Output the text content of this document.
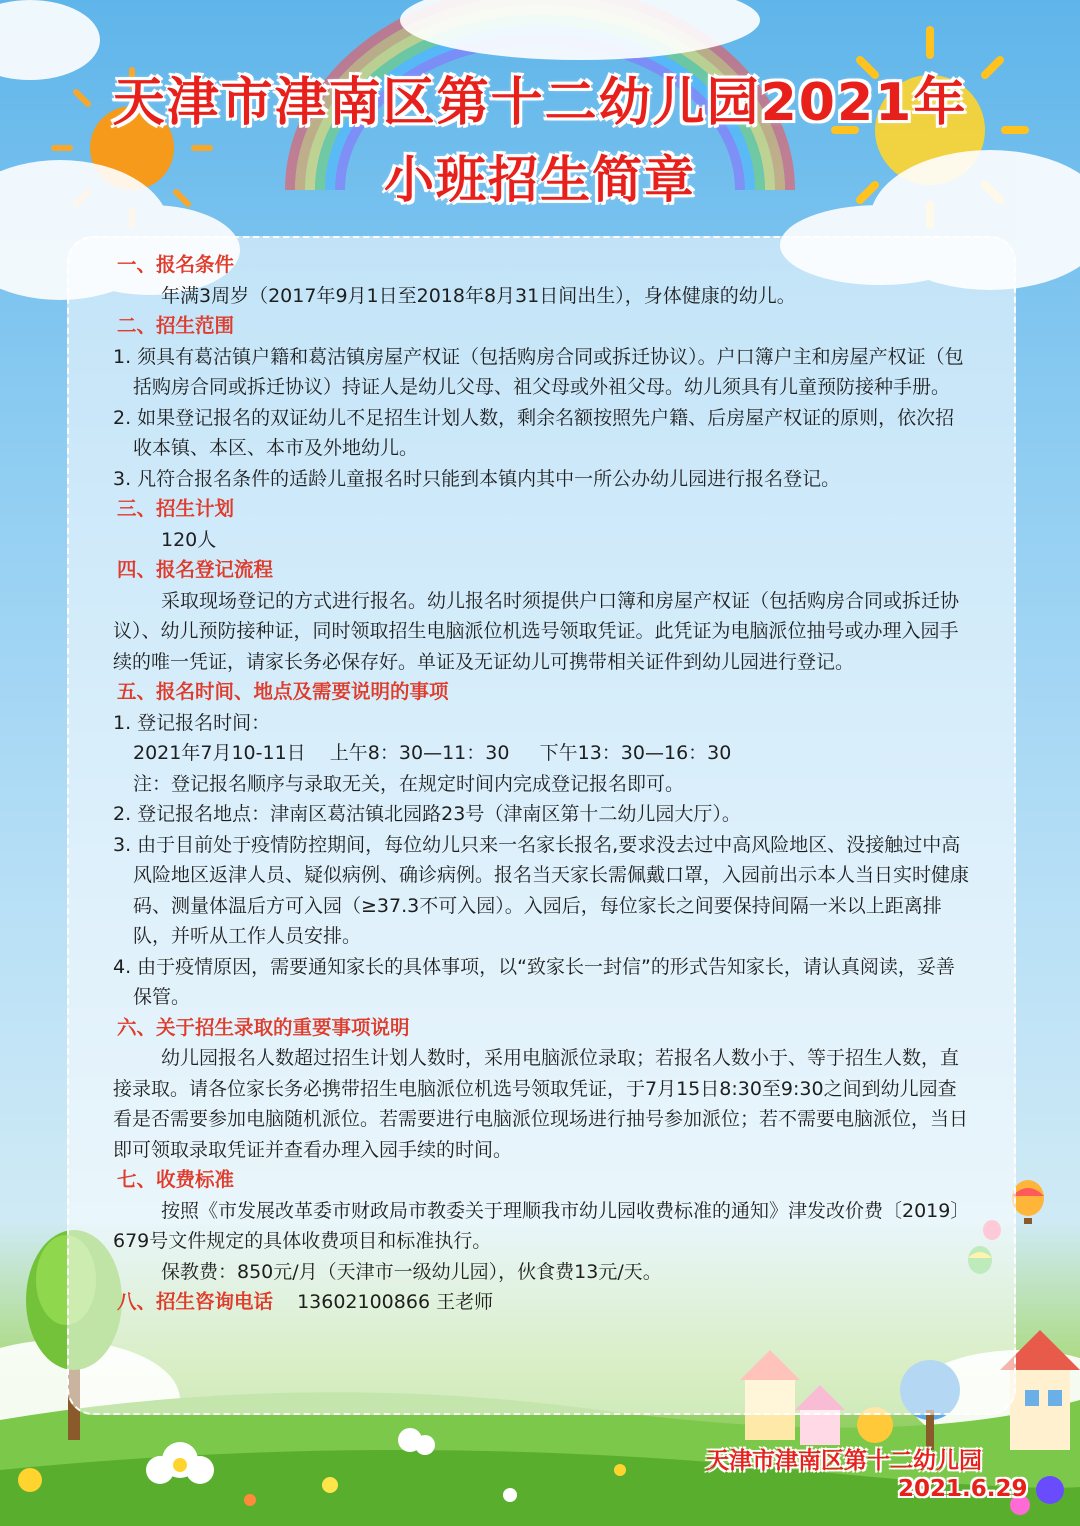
天津市津南区第十二幼儿园2021年
小班招生简章
一、报名条件

年满3周岁（2017年9月1日至2018年8月31日间出生），身体健康的幼儿。

二、招生范围

1. 须具有葛沽镇户籍和葛沽镇房屋产权证（包括购房合同或拆迁协议）。户口簿户主和房屋产权证（包括购房合同或拆迁协议）持证人是幼儿父母、祖父母或外祖父母。幼儿须具有儿童预防接种手册。

2. 如果登记报名的双证幼儿不足招生计划人数，剩余名额按照先户籍、后房屋产权证的原则，依次招收本镇、本区、本市及外地幼儿。

3. 凡符合报名条件的适龄儿童报名时只能到本镇内其中一所公办幼儿园进行报名登记。

三、招生计划

120人

四、报名登记流程

采取现场登记的方式进行报名。幼儿报名时须提供户口簿和房屋产权证（包括购房合同或拆迁协议）、幼儿预防接种证，同时领取招生电脑派位机选号领取凭证。此凭证为电脑派位抽号或办理入园手续的唯一凭证，请家长务必保存好。单证及无证幼儿可携带相关证件到幼儿园进行登记。

五、报名时间、地点及需要说明的事项

1. 登记报名时间：

2021年7月10-11日    上午8：30—11：30     下午13：30—16：30

注：登记报名顺序与录取无关，在规定时间内完成登记报名即可。

2. 登记报名地点：津南区葛沽镇北园路23号（津南区第十二幼儿园大厅）。

3. 由于目前处于疫情防控期间，每位幼儿只来一名家长报名,要求没去过中高风险地区、没接触过中高风险地区返津人员、疑似病例、确诊病例。报名当天家长需佩戴口罩，入园前出示本人当日实时健康码、测量体温后方可入园（≥37.3不可入园）。入园后，每位家长之间要保持间隔一米以上距离排队，并听从工作人员安排。

4. 由于疫情原因，需要通知家长的具体事项，以“致家长一封信”的形式告知家长，请认真阅读，妥善保管。

六、关于招生录取的重要事项说明

幼儿园报名人数超过招生计划人数时，采用电脑派位录取；若报名人数小于、等于招生人数，直接录取。请各位家长务必携带招生电脑派位机选号领取凭证，于7月15日8:30至9:30之间到幼儿园查看是否需要参加电脑随机派位。若需要进行电脑派位现场进行抽号参加派位；若不需要电脑派位，当日即可领取录取凭证并查看办理入园手续的时间。

七、收费标准

按照《市发展改革委市财政局市教委关于理顺我市幼儿园收费标准的通知》津发改价费〔2019〕679号文件规定的具体收费项目和标准执行。

保教费：850元/月（天津市一级幼儿园），伙食费13元/天。

八、招生咨询电话 13602100866 王老师
天津市津南区第十二幼儿园
2021.6.29
